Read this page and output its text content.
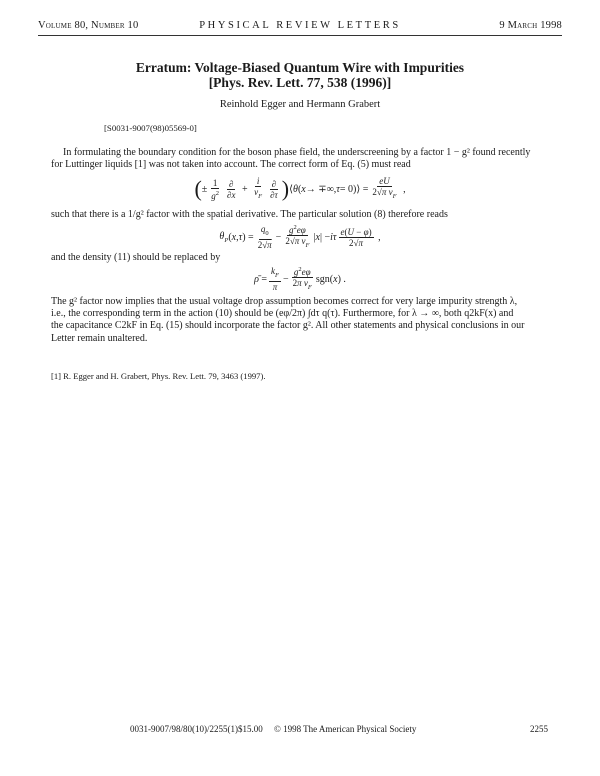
Volume 80, Number 10	PHYSICAL REVIEW LETTERS	9 March 1998
Erratum: Voltage-Biased Quantum Wire with Impurities
[Phys. Rev. Lett. 77, 538 (1996)]
Reinhold Egger and Hermann Grabert
[S0031-9007(98)05569-0]
In formulating the boundary condition for the boson phase field, the underscreening by a factor 1 − g² found recently
for Luttinger liquids [1] was not taken into account. The correct form of Eq. (5) must read
( ± $\frac{1}{g^2} \frac{\partial}{\partial x} + \frac{i}{v_F} \frac{\partial}{\partial\tau}$ ) ⟨ θ ( x → ∓∞, τ = 0)⟩ = $\frac{eU}{2√\pi v_F}$ ,
such that there is a 1/g² factor with the spatial derivative. The particular solution (8) therefore reads
$\theta_P$ ( x , τ ) = $\frac{q_0}{2√\pi} - \frac{g^2e\varphi}{2√\pi v_F}$ | x | − iτ $\frac{e(U - \varphi)}{2√\pi}$ ,
and the density (11) should be replaced by
ρ̄ = $\frac{k_F}{\pi} - \frac{g^2e\varphi}{2\pi v_F} sgn$( x ) .
The g² factor now implies that the usual voltage drop assumption becomes correct for very large impurity strength λ,
i.e., the corresponding term in the action (10) should be (eφ/2π) ∫dτ q(τ). Furthermore, for λ → ∞, both q2kF(x) and
the capacitance C2kF in Eq. (15) should incorporate the factor g². All other statements and physical conclusions in our
Letter remain unaltered.
[1] R. Egger and H. Grabert, Phys. Rev. Lett. 79, 3463 (1997).
0031-9007/98/80(10)/2255(1)$15.00 © 1998 The American Physical Society	2255
